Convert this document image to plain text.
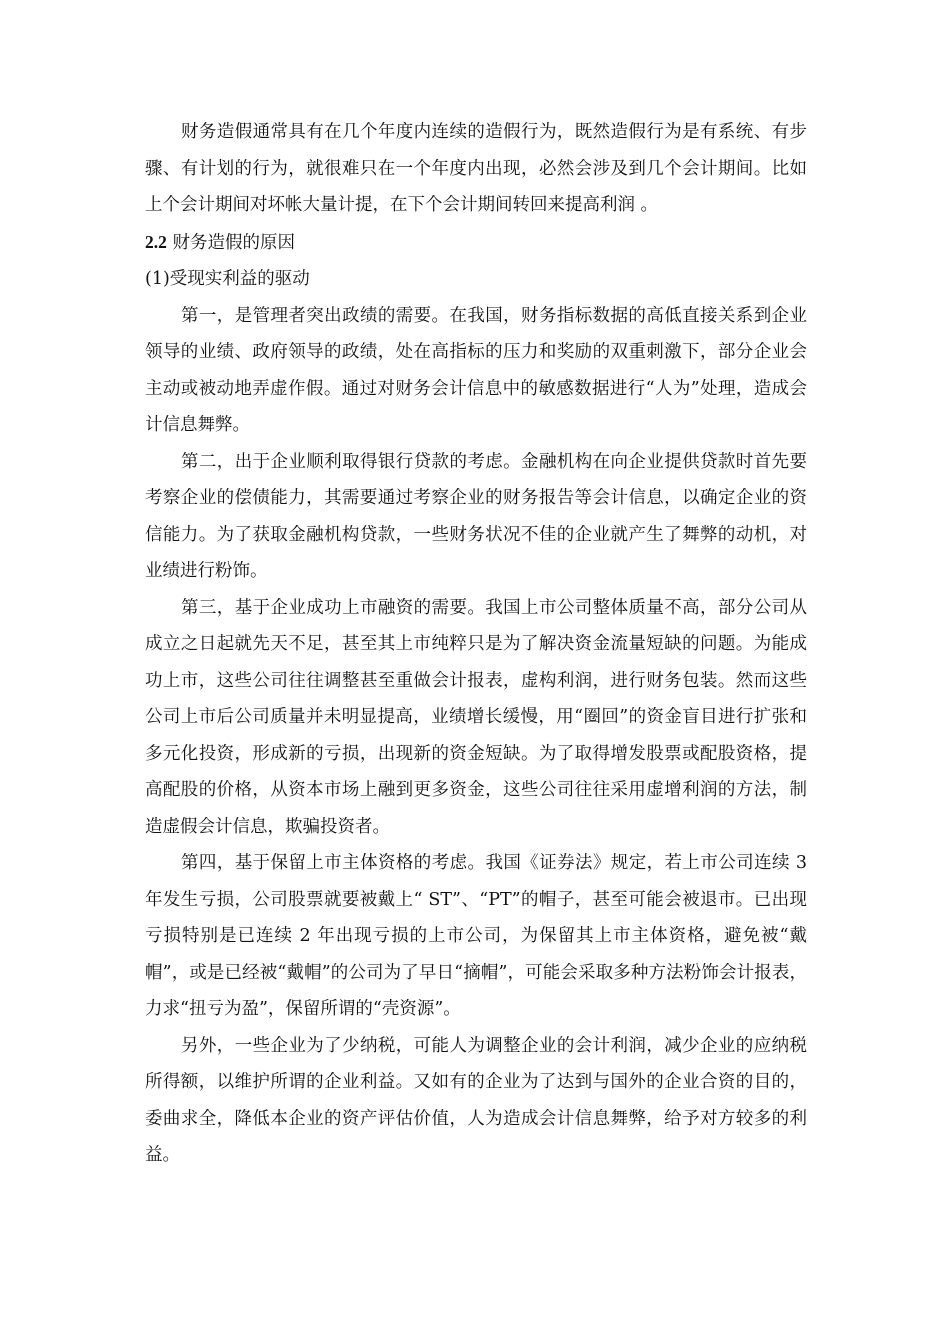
财务造假通常具有在几个年度内连续的造假行为，既然造假行为是有系统、有步骤、有计划的行为，就很难只在一个年度内出现，必然会涉及到几个会计期间。比如上个会计期间对坏帐大量计提，在下个会计期间转回来提高利润 。

2.2 财务造假的原因

(1)受现实利益的驱动

第一，是管理者突出政绩的需要。在我国，财务指标数据的高低直接关系到企业领导的业绩、政府领导的政绩，处在高指标的压力和奖励的双重刺激下，部分企业会主动或被动地弄虚作假。通过对财务会计信息中的敏感数据进行“人为”处理，造成会计信息舞弊。

第二，出于企业顺利取得银行贷款的考虑。金融机构在向企业提供贷款时首先要考察企业的偿债能力，其需要通过考察企业的财务报告等会计信息，以确定企业的资信能力。为了获取金融机构贷款，一些财务状况不佳的企业就产生了舞弊的动机，对业绩进行粉饰。

第三，基于企业成功上市融资的需要。我国上市公司整体质量不高，部分公司从成立之日起就先天不足，甚至其上市纯粹只是为了解决资金流量短缺的问题。为能成功上市，这些公司往往调整甚至重做会计报表，虚构利润，进行财务包装。然而这些公司上市后公司质量并未明显提高，业绩增长缓慢，用“圈回”的资金盲目进行扩张和多元化投资，形成新的亏损，出现新的资金短缺。为了取得增发股票或配股资格，提高配股的价格，从资本市场上融到更多资金，这些公司往往采用虚增利润的方法，制造虚假会计信息，欺骗投资者。

第四，基于保留上市主体资格的考虑。我国《证券法》规定，若上市公司连续 3 年发生亏损，公司股票就要被戴上“ ST”、“PT”的帽子，甚至可能会被退市。已出现亏损特别是已连续 2 年出现亏损的上市公司，为保留其上市主体资格，避免被“戴帽”，或是已经被“戴帽”的公司为了早日“摘帽”，可能会采取多种方法粉饰会计报表，力求“扭亏为盈”，保留所谓的“壳资源”。

另外，一些企业为了少纳税，可能人为调整企业的会计利润，减少企业的应纳税所得额，以维护所谓的企业利益。又如有的企业为了达到与国外的企业合资的目的，委曲求全，降低本企业的资产评估价值，人为造成会计信息舞弊，给予对方较多的利益。
